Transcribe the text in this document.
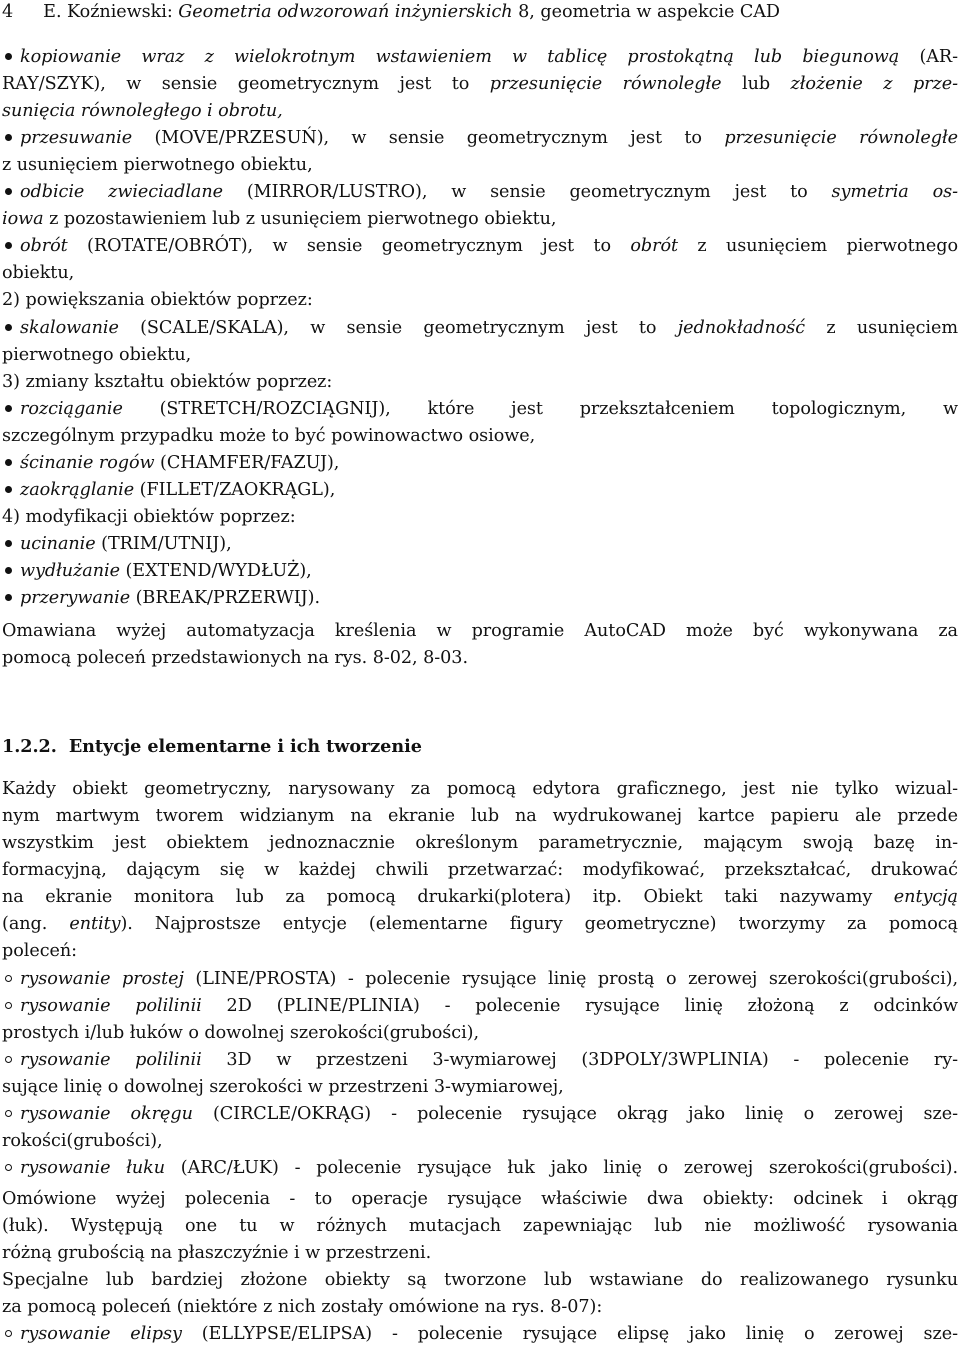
4 E. Koźniewski: Geometria odwzorowań inżynierskich 8, geometria w aspekcie CAD
kopiowanie wraz z wielokrotnym wstawieniem w tablicę prostokątną lub biegunową (AR-
RAY/SZYK), w sensie geometrycznym jest to przesunięcie równoległe lub złożenie z prze-
sunięcia równoległego i obrotu,
przesuwanie (MOVE/PRZESUŃ), w sensie geometrycznym jest to przesunięcie równoległe
z usunięciem pierwotnego obiektu,
odbicie zwieciadlane (MIRROR/LUSTRO), w sensie geometrycznym jest to symetria os-
iowa z pozostawieniem lub z usunięciem pierwotnego obiektu,
obrót (ROTATE/OBRÓT), w sensie geometrycznym jest to obrót z usunięciem pierwotnego
obiektu,
2) powiększania obiektów poprzez:
skalowanie (SCALE/SKALA), w sensie geometrycznym jest to jednokładność z usunięciem
pierwotnego obiektu,
3) zmiany kształtu obiektów poprzez:
rozciąganie (STRETCH/ROZCIĄGNIJ), które jest przekształceniem topologicznym, w
szczególnym przypadku może to być powinowactwo osiowe,
ścinanie rogów (CHAMFER/FAZUJ),
zaokrąglanie (FILLET/ZAOKRĄGL),
4) modyfikacji obiektów poprzez:
ucinanie (TRIM/UTNIJ),
wydłużanie (EXTEND/WYDŁUŻ),
przerywanie (BREAK/PRZERWIJ).
Omawiana wyżej automatyzacja kreślenia w programie AutoCAD może być wykonywana za
pomocą poleceń przedstawionych na rys. 8-02, 8-03.
Każdy obiekt geometryczny, narysowany za pomocą edytora graficznego, jest nie tylko wizual-
nym martwym tworem widzianym na ekranie lub na wydrukowanej kartce papieru ale przede
wszystkim jest obiektem jednoznacznie określonym parametrycznie, mającym swoją bazę in-
formacyjną, dającym się w każdej chwili przetwarzać: modyfikować, przekształcać, drukować
na ekranie monitora lub za pomocą drukarki(plotera) itp. Obiekt taki nazywamy entycją
(ang. entity). Najprostsze entycje (elementarne figury geometryczne) tworzymy za pomocą
poleceń:
rysowanie prostej (LINE/PROSTA) - polecenie rysujące linię prostą o zerowej szerokości(grubości),
rysowanie polilinii 2D (PLINE/PLINIA) - polecenie rysujące linię złożoną z odcinków
prostych i/lub łuków o dowolnej szerokości(grubości),
rysowanie polilinii 3D w przestzeni 3-wymiarowej (3DPOLY/3WPLINIA) - polecenie ry-
sujące linię o dowolnej szerokości w przestrzeni 3-wymiarowej,
rysowanie okręgu (CIRCLE/OKRĄG) - polecenie rysujące okrąg jako linię o zerowej sze-
rokości(grubości),
rysowanie łuku (ARC/ŁUK) - polecenie rysujące łuk jako linię o zerowej szerokości(grubości).
Omówione wyżej polecenia - to operacje rysujące właściwie dwa obiekty: odcinek i okrąg
(łuk). Występują one tu w różnych mutacjach zapewniając lub nie możliwość rysowania
różną grubością na płaszczyźnie i w przestrzeni.
Specjalne lub bardziej złożone obiekty są tworzone lub wstawiane do realizowanego rysunku
za pomocą poleceń (niektóre z nich zostały omówione na rys. 8-07):
rysowanie elipsy (ELLYPSE/ELIPSA) - polecenie rysujące elipsę jako linię o zerowej sze-
1.2.2. Entycje elementarne i ich tworzenie
